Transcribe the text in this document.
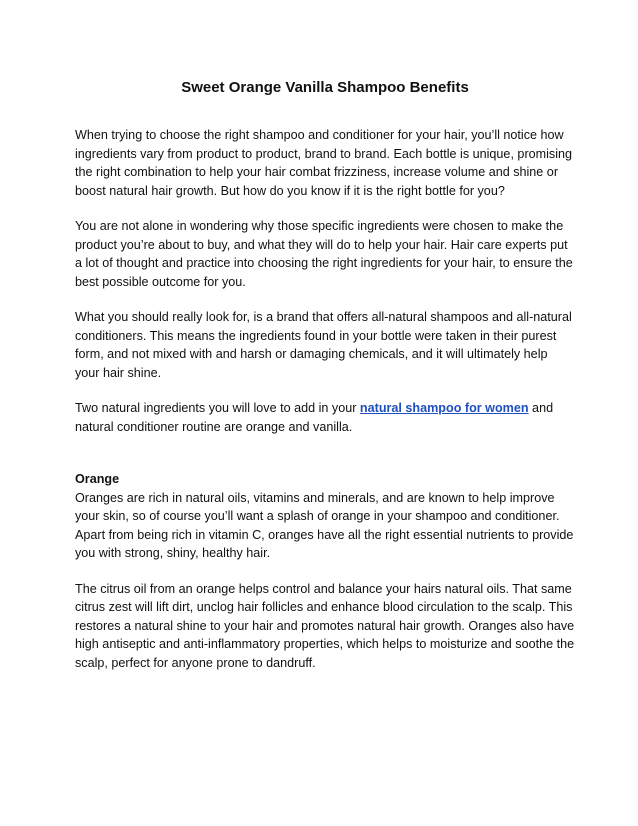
Sweet Orange Vanilla Shampoo Benefits

When trying to choose the right shampoo and conditioner for your hair, you’ll notice how ingredients vary from product to product, brand to brand. Each bottle is unique, promising the right combination to help your hair combat frizziness, increase volume and shine or boost natural hair growth. But how do you know if it is the right bottle for you?

You are not alone in wondering why those specific ingredients were chosen to make the product you’re about to buy, and what they will do to help your hair. Hair care experts put a lot of thought and practice into choosing the right ingredients for your hair, to ensure the best possible outcome for you.

What you should really look for, is a brand that offers all-natural shampoos and all-natural conditioners. This means the ingredients found in your bottle were taken in their purest form, and not mixed with and harsh or damaging chemicals, and it will ultimately help your hair shine.

Two natural ingredients you will love to add in your natural shampoo for women and natural conditioner routine are orange and vanilla.

Orange

Oranges are rich in natural oils, vitamins and minerals, and are known to help improve your skin, so of course you’ll want a splash of orange in your shampoo and conditioner. Apart from being rich in vitamin C, oranges have all the right essential nutrients to provide you with strong, shiny, healthy hair.

The citrus oil from an orange helps control and balance your hairs natural oils. That same citrus zest will lift dirt, unclog hair follicles and enhance blood circulation to the scalp. This restores a natural shine to your hair and promotes natural hair growth. Oranges also have high antiseptic and anti-inflammatory properties, which helps to moisturize and soothe the scalp, perfect for anyone prone to dandruff.
